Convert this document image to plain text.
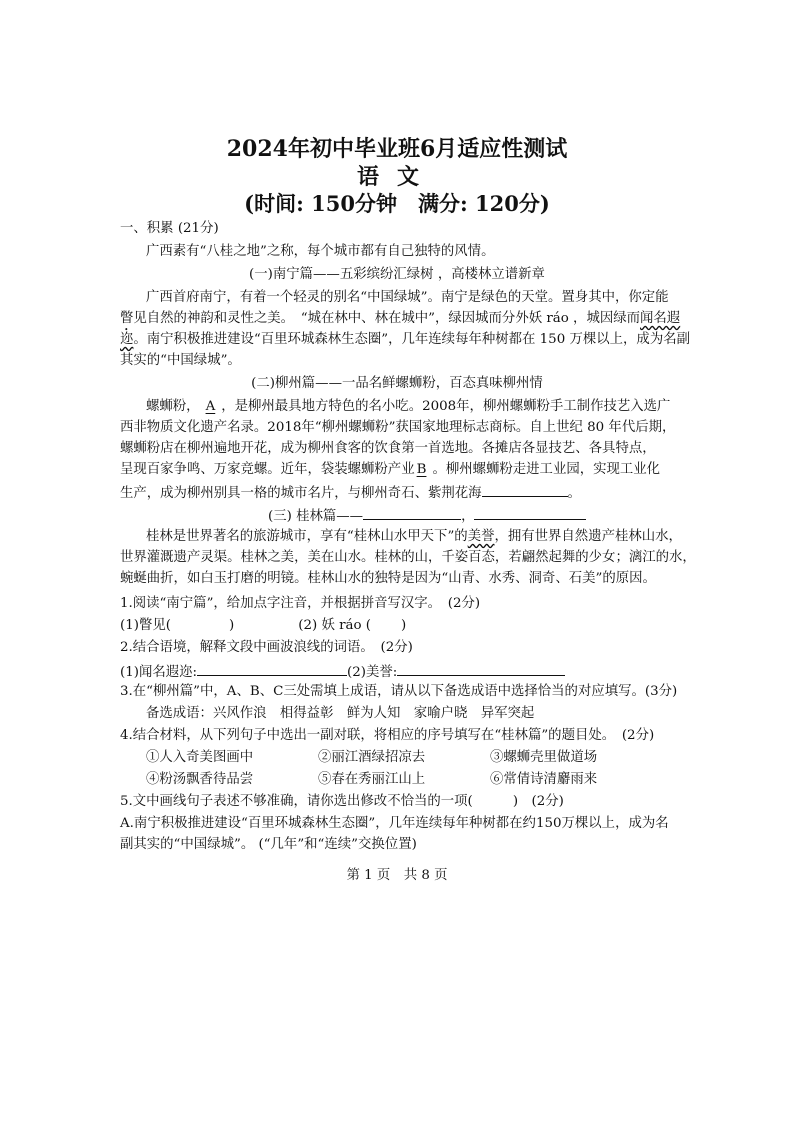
2024年初中毕业班6月适应性测试
语文
(时间: 150分钟　满分: 120分)
一、积累 (21分)
广西素有“八桂之地”之称，每个城市都有自己独特的风情。
(一)南宁篇——五彩缤纷汇绿树 ，高楼林立谱新章
广西首府南宁，有着一个轻灵的别名“中国绿城”。南宁是绿色的天堂。置身其中，你定能
瞥见自然的神韵和灵性之美。　“城在林中、林在城中”，绿因城而分外妖 ráo ，城因绿而闻名遐
迩。南宁积极推进建设“百里环城森林生态圈”，几年连续每年种树都在 150 万棵以上，成为名副
其实的“中国绿城”。
(二)柳州篇——一品名鲜螺蛳粉，百态真味柳州情
螺蛳粉， A ，是柳州最具地方特色的名小吃。2008年，柳州螺蛳粉手工制作技艺入选广
西非物质文化遗产名录。2018年“柳州螺蛳粉”获国家地理标志商标。自上世纪 80 年代后期，
螺蛳粉店在柳州遍地开花，成为柳州食客的饮食第一首选地。各摊店各显技艺、各具特点，
呈现百家争鸣、万家竞螺。近年，袋装螺蛳粉产业 B 。柳州螺蛳粉走进工业园，实现工业化
生产，成为柳州别具一格的城市名片，与柳州奇石、紫荆花海	。
(三) 桂林篇——	，
桂林是世界著名的旅游城市，享有“桂林山水甲天下”的美誉，拥有世界自然遗产桂林山水，
世界灌溉遗产灵渠。桂林之美，美在山水。桂林的山，千姿百态，若翩然起舞的少女；漓江的水，
蜿蜒曲折，如白玉打磨的明镜。桂林山水的独特是因为“山青、水秀、洞奇、石美”的原因。
1.阅读“南宁篇”，给加点字注音，并根据拼音写汉字。　(2分)
(1)瞥见(	)	(2) 妖 ráo ( )
2.结合语境，解释文段中画波浪线的词语。　(2分)
(1)闻名遐迩:	(2)美誉:
3.在“柳州篇”中，A、B、C三处需填上成语，请从以下备选成语中选择恰当的对应填写。(3分)
备选成语：兴风作浪　相得益彰　鲜为人知　家喻户晓　异军突起
4.结合材料，从下列句子中选出一副对联，将相应的序号填写在“桂林篇”的题目处。　(2分)
①人入奇美图画中	②丽江酒绿招凉去	③螺蛳壳里做道场
④粉汤飘香待品尝	⑤春在秀丽江山上	⑥常倩诗清麝雨来
5.文中画线句子表述不够准确，请你选出修改不恰当的一项(　　　)　(2分)
A.南宁积极推进建设“百里环城森林生态圈”，几年连续每年种树都在约150万棵以上，成为名
副其实的“中国绿城”。 (“几年”和“连续”交换位置)
第 1 页　共 8 页
